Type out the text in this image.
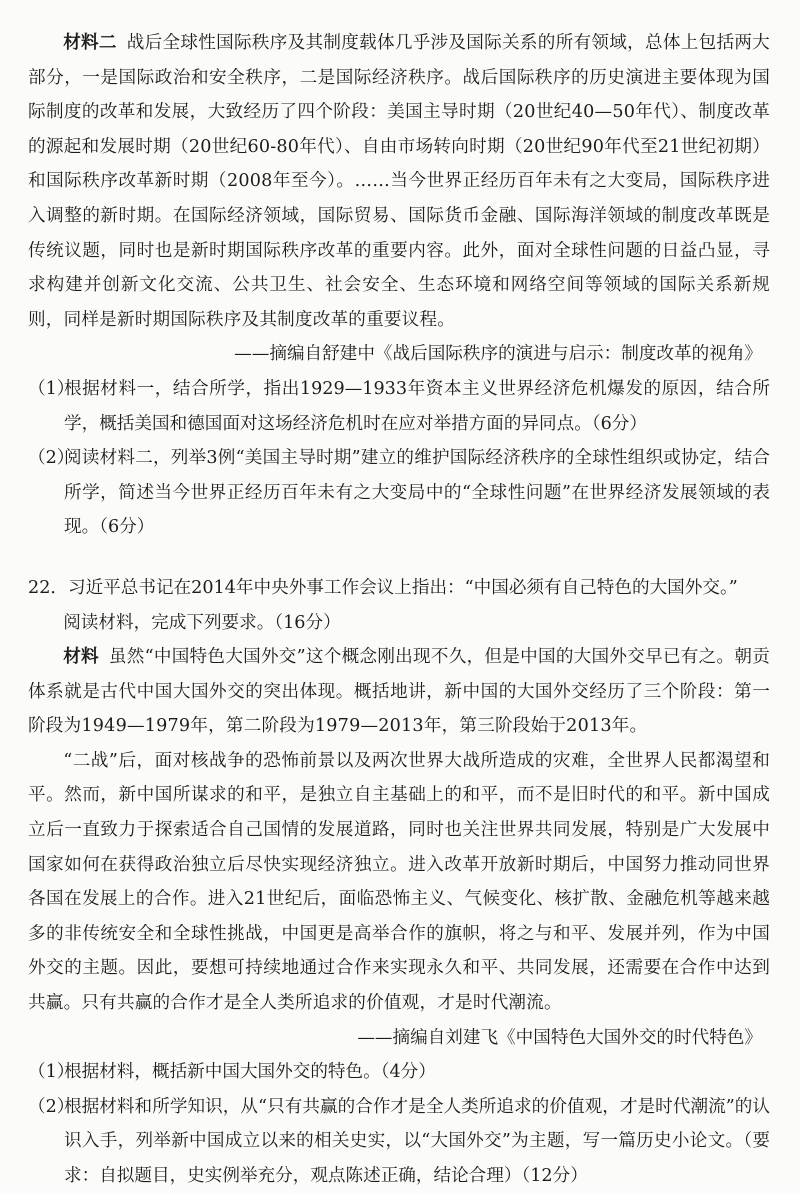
材料二 战后全球性国际秩序及其制度载体几乎涉及国际关系的所有领域，总体上包括两大部分，一是国际政治和安全秩序，二是国际经济秩序。战后国际秩序的历史演进主要体现为国际制度的改革和发展，大致经历了四个阶段：美国主导时期（20世纪40—50年代）、制度改革的源起和发展时期（20世纪60-80年代）、自由市场转向时期（20世纪90年代至21世纪初期）和国际秩序改革新时期（2008年至今）。……当今世界正经历百年未有之大变局，国际秩序进入调整的新时期。在国际经济领域，国际贸易、国际货币金融、国际海洋领域的制度改革既是传统议题，同时也是新时期国际秩序改革的重要内容。此外，面对全球性问题的日益凸显，寻求构建并创新文化交流、公共卫生、社会安全、生态环境和网络空间等领域的国际关系新规则，同样是新时期国际秩序及其制度改革的重要议程。

——摘编自舒建中《战后国际秩序的演进与启示：制度改革的视角》

（1）
根据材料一，结合所学，指出1929—1933年资本主义世界经济危机爆发的原因，结合所学，概括美国和德国面对这场经济危机时在应对举措方面的异同点。（6分）
（2）
阅读材料二，列举3例“美国主导时期”建立的维护国际经济秩序的全球性组织或协定，结合所学，简述当今世界正经历百年未有之大变局中的“全球性问题”在世界经济发展领域的表现。（6分）

22．习近平总书记在2014年中央外事工作会议上指出：“中国必须有自己特色的大国外交。”

阅读材料，完成下列要求。（16分）

材料 虽然“中国特色大国外交”这个概念刚出现不久，但是中国的大国外交早已有之。朝贡体系就是古代中国大国外交的突出体现。概括地讲，新中国的大国外交经历了三个阶段：第一阶段为1949—1979年，第二阶段为1979—2013年，第三阶段始于2013年。

“二战”后，面对核战争的恐怖前景以及两次世界大战所造成的灾难，全世界人民都渴望和平。然而，新中国所谋求的和平，是独立自主基础上的和平，而不是旧时代的和平。新中国成立后一直致力于探索适合自己国情的发展道路，同时也关注世界共同发展，特别是广大发展中国家如何在获得政治独立后尽快实现经济独立。进入改革开放新时期后，中国努力推动同世界各国在发展上的合作。进入21世纪后，面临恐怖主义、气候变化、核扩散、金融危机等越来越多的非传统安全和全球性挑战，中国更是高举合作的旗帜，将之与和平、发展并列，作为中国外交的主题。因此，要想可持续地通过合作来实现永久和平、共同发展，还需要在合作中达到共赢。只有共赢的合作才是全人类所追求的价值观，才是时代潮流。

——摘编自刘建飞《中国特色大国外交的时代特色》

（1）
根据材料，概括新中国大国外交的特色。（4分）
（2）
根据材料和所学知识，从“只有共赢的合作才是全人类所追求的价值观，才是时代潮流”的认识入手，列举新中国成立以来的相关史实，以“大国外交”为主题，写一篇历史小论文。（要求：自拟题目，史实例举充分，观点陈述正确，结论合理）（12分）
